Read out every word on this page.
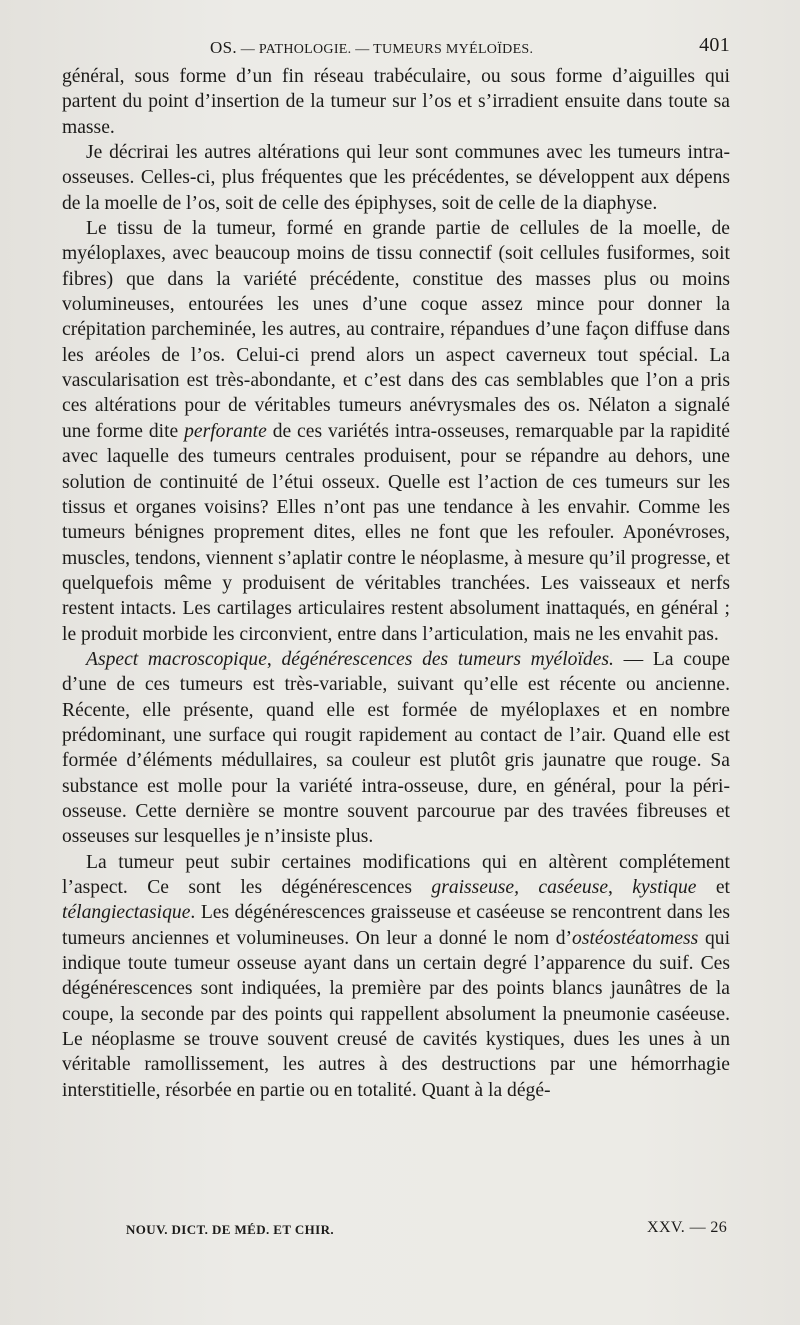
OS. — PATHOLOGIE. — TUMEURS MYÉLOÏDES.	401

général, sous forme d’un fin réseau trabéculaire, ou sous forme d’aiguilles qui partent du point d’insertion de la tumeur sur l’os et s’irradient ensuite dans toute sa masse.

Je décrirai les autres altérations qui leur sont communes avec les tumeurs intra-osseuses. Celles-ci, plus fréquentes que les précédentes, se développent aux dépens de la moelle de l’os, soit de celle des épiphyses, soit de celle de la diaphyse.

Le tissu de la tumeur, formé en grande partie de cellules de la moelle, de myéloplaxes, avec beaucoup moins de tissu connectif (soit cellules fusiformes, soit fibres) que dans la variété précédente, constitue des masses plus ou moins volumineuses, entourées les unes d’une coque assez mince pour donner la crépitation parcheminée, les autres, au contraire, répandues d’une façon diffuse dans les aréoles de l’os. Celui-ci prend alors un aspect caverneux tout spécial. La vascularisation est très-abondante, et c’est dans des cas semblables que l’on a pris ces altérations pour de véritables tumeurs anévrysmales des os. Nélaton a signalé une forme dite perforante de ces variétés intra-osseuses, remarquable par la rapidité avec laquelle des tumeurs centrales produisent, pour se répandre au dehors, une solution de continuité de l’étui osseux. Quelle est l’action de ces tumeurs sur les tissus et organes voisins? Elles n’ont pas une tendance à les envahir. Comme les tumeurs bénignes proprement dites, elles ne font que les refouler. Aponévroses, muscles, tendons, viennent s’aplatir contre le néoplasme, à mesure qu’il progresse, et quelquefois même y produisent de véritables tranchées. Les vaisseaux et nerfs restent intacts. Les cartilages articulaires restent absolument inattaqués, en général ; le produit morbide les circonvient, entre dans l’articulation, mais ne les envahit pas.

Aspect macroscopique, dégénérescences des tumeurs myéloïdes. — La coupe d’une de ces tumeurs est très-variable, suivant qu’elle est récente ou ancienne. Récente, elle présente, quand elle est formée de myéloplaxes et en nombre prédominant, une surface qui rougit rapidement au contact de l’air. Quand elle est formée d’éléments médullaires, sa couleur est plutôt gris jaunatre que rouge. Sa substance est molle pour la variété intra-osseuse, dure, en général, pour la péri-osseuse. Cette dernière se montre souvent parcourue par des travées fibreuses et osseuses sur lesquelles je n’insiste plus.

La tumeur peut subir certaines modifications qui en altèrent complétement l’aspect. Ce sont les dégénérescences graisseuse, caséeuse, kystique et télangiectasique. Les dégénérescences graisseuse et caséeuse se rencontrent dans les tumeurs anciennes et volumineuses. On leur a donné le nom d’ostéostéatomess qui indique toute tumeur osseuse ayant dans un certain degré l’apparence du suif. Ces dégénérescences sont indiquées, la première par des points blancs jaunâtres de la coupe, la seconde par des points qui rappellent absolument la pneumonie caséeuse. Le néoplasme se trouve souvent creusé de cavités kystiques, dues les unes à un véritable ramollissement, les autres à des destructions par une hémorrhagie interstitielle, résorbée en partie ou en totalité. Quant à la dégé-

NOUV. DICT. DE MÉD. ET CHIR.	XXV. — 26
